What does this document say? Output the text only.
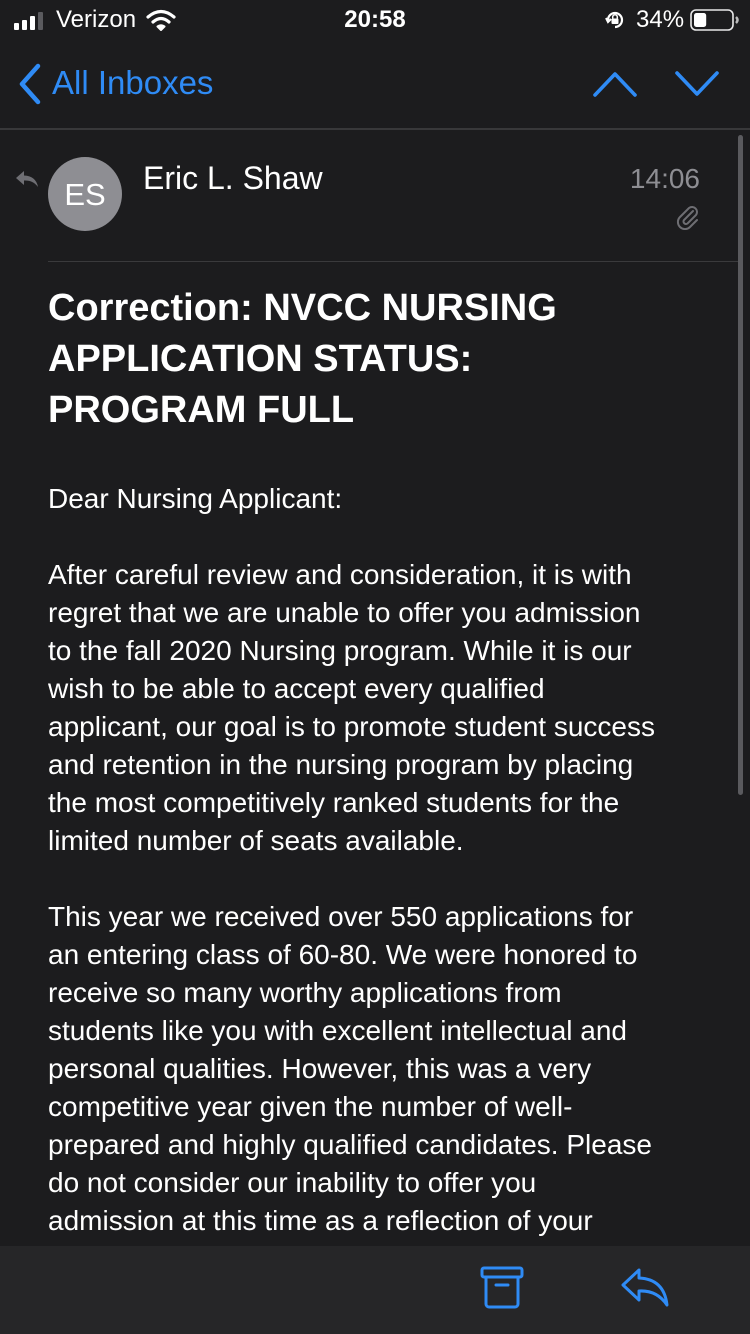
Verizon	20:58	34%
All Inboxes
ES	Eric L. Shaw	14:06
Correction: NVCC NURSING
APPLICATION STATUS:
PROGRAM FULL

Dear Nursing Applicant:

After careful review and consideration, it is with
regret that we are unable to offer you admission
to the fall 2020 Nursing program. While it is our
wish to be able to accept every qualified
applicant, our goal is to promote student success
and retention in the nursing program by placing
the most competitively ranked students for the
limited number of seats available.

This year we received over 550 applications for
an entering class of 60-80. We were honored to
receive so many worthy applications from
students like you with excellent intellectual and
personal qualities. However, this was a very
competitive year given the number of well-
prepared and highly qualified candidates. Please
do not consider our inability to offer you
admission at this time as a reflection of your
